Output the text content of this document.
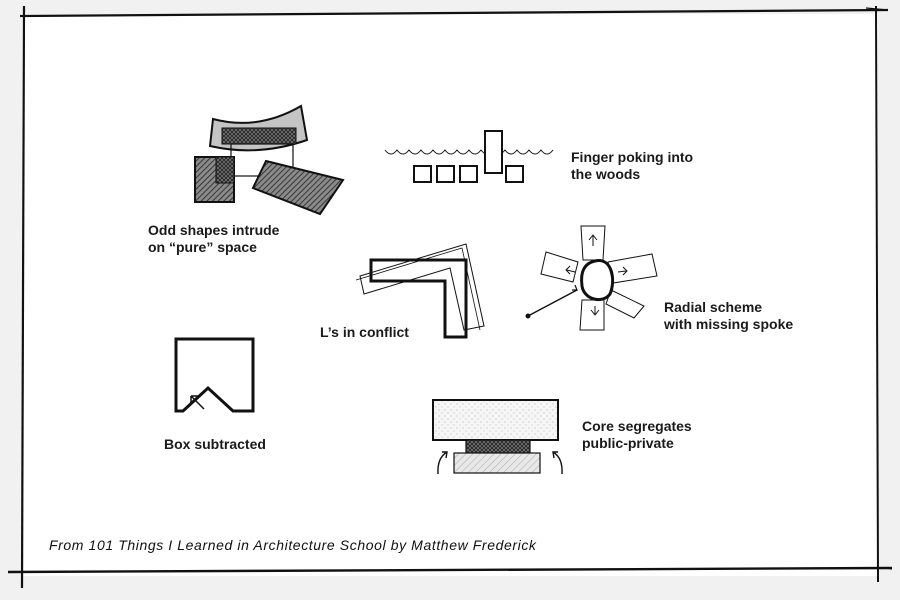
Odd shapes intrude
on “pure” space
Finger poking into
the woods
L’s in conflict
Radial scheme
with missing spoke
Box subtracted
Core segregates
public-private
From 101 Things I Learned in Architecture School by Matthew Frederick
